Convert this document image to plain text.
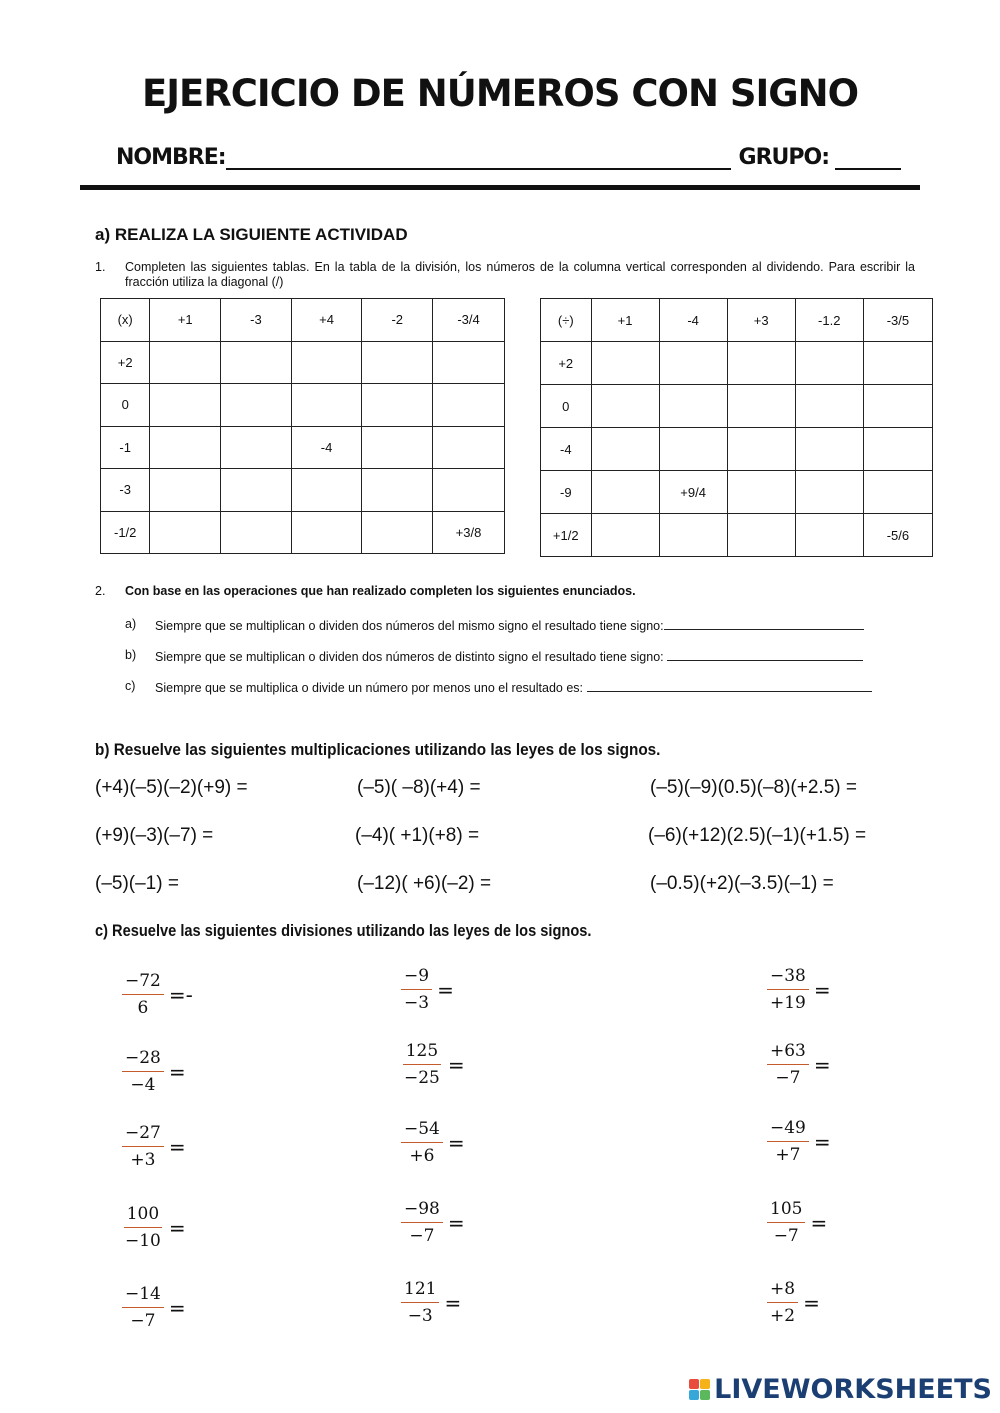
EJERCICIO DE NÚMEROS CON SIGNO
NOMBRE:	GRUPO:
a) REALIZA LA SIGUIENTE ACTIVIDAD
1. Completen las siguientes tablas. En la tabla de la división, los números de la columna vertical corresponden al dividendo. Para escribir la fracción utiliza la diagonal (/)
(x)	+1	-3	+4	-2	-3/4
+2					
0					
-1			-4		
-3					
-1/2					+3/8
(÷)	+1	-4	+3	-1.2	-3/5
+2					
0					
-4					
-9		+9/4			
+1/2					-5/6
2. Con base en las operaciones que han realizado completen los siguientes enunciados.
a) Siempre que se multiplican o dividen dos números del mismo signo el resultado tiene signo:
b) Siempre que se multiplican o dividen dos números de distinto signo el resultado tiene signo:
c) Siempre que se multiplica o divide un número por menos uno el resultado es:
b) Resuelve las siguientes multiplicaciones utilizando las leyes de los signos.
(+4)(–5)(–2)(+9) =	(–5)( –8)(+4) =	(–5)(–9)(0.5)(–8)(+2.5) =
(+9)(–3)(–7) =	(–4)( +1)(+8) =	(–6)(+12)(2.5)(–1)(+1.5) =
(–5)(–1) =	(–12)( +6)(–2) =	(–0.5)(+2)(–3.5)(–1) =
c) Resuelve las siguientes divisiones utilizando las leyes de los signos.
$\frac{-72}{6}$ =-	$\frac{-9}{-3}$ =	$\frac{-38}{+19}$ =
$\frac{-28}{-4}$ =	$\frac{125}{-25}$ =	$\frac{+63}{-7}$ =
$\frac{-27}{+3}$ =	$\frac{-54}{+6}$ =	$\frac{-49}{+7}$ =
$\frac{100}{-10}$ =	$\frac{-98}{-7}$ =	$\frac{105}{-7}$ =
$\frac{-14}{-7}$ =	$\frac{121}{-3}$ =	$\frac{+8}{+2}$ =
LIVEWORKSHEETS
